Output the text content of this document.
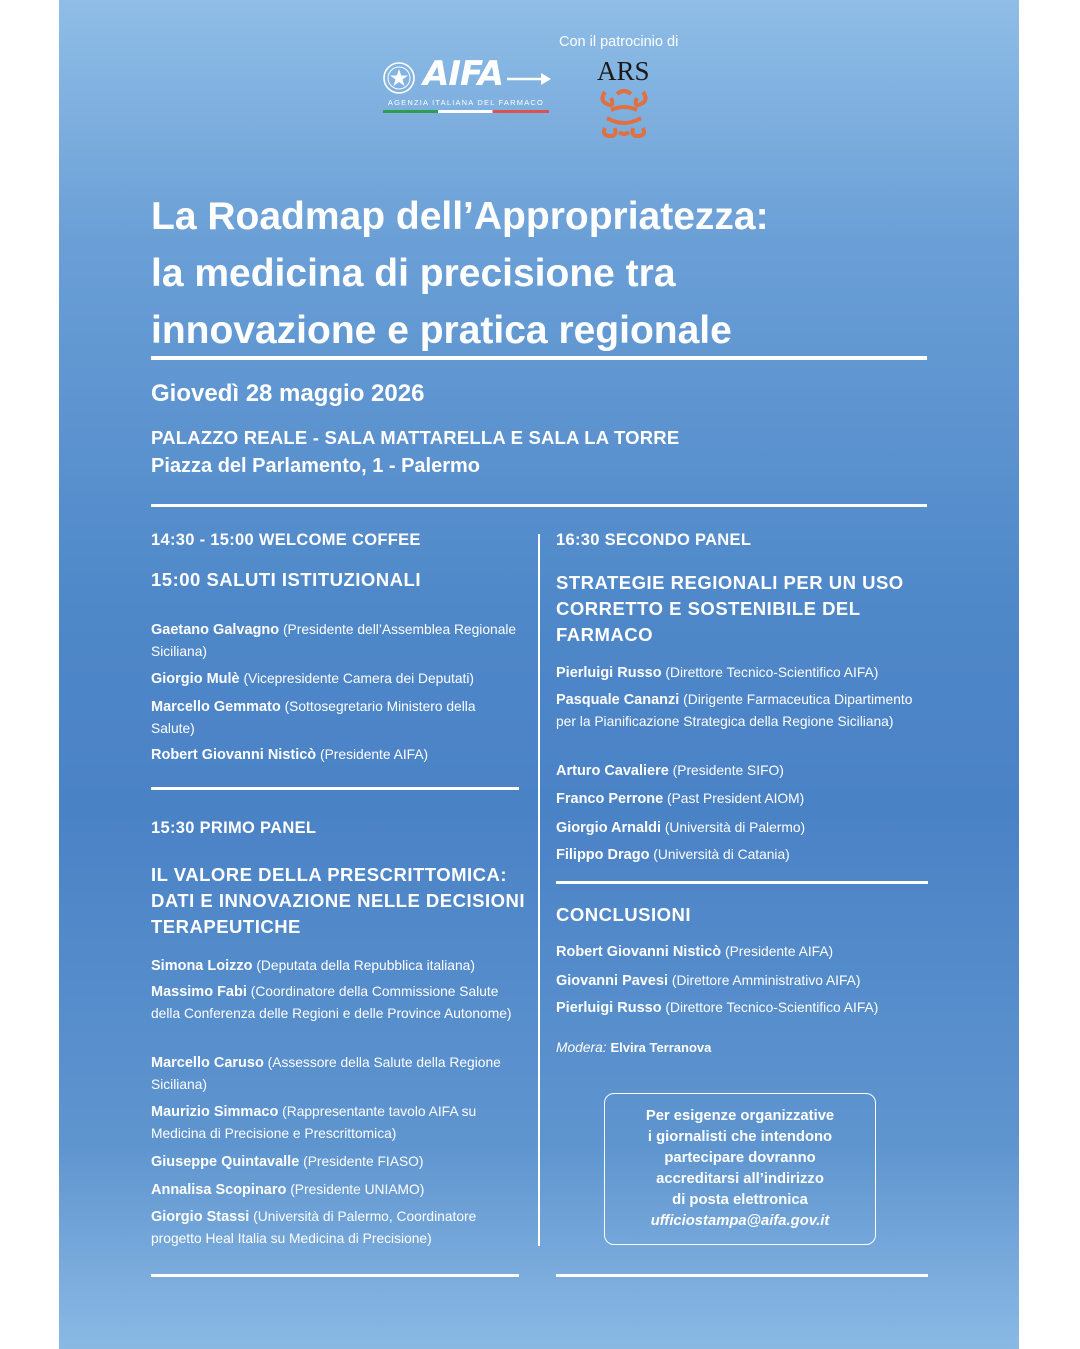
AIFA
AGENZIA ITALIANA DEL FARMACO
Con il patrocinio di
ARS
La Roadmap dell’Appropriatezza:
la medicina di precisione tra
innovazione e pratica regionale
Giovedì 28 maggio 2026
PALAZZO REALE - SALA MATTARELLA E SALA LA TORRE
Piazza del Parlamento, 1 - Palermo
14:30 - 15:00 WELCOME COFFEE
15:00 SALUTI ISTITUZIONALI
Gaetano Galvagno (Presidente dell’Assemblea Regionale Siciliana)
Giorgio Mulè (Vicepresidente Camera dei Deputati)
Marcello Gemmato (Sottosegretario Ministero della Salute)
Robert Giovanni Nisticò (Presidente AIFA)
15:30 PRIMO PANEL
IL VALORE DELLA PRESCRITTOMICA: DATI E INNOVAZIONE NELLE DECISIONI TERAPEUTICHE
Simona Loizzo (Deputata della Repubblica italiana)
Massimo Fabi (Coordinatore della Commissione Salute della Conferenza delle Regioni e delle Province Autonome)
Marcello Caruso (Assessore della Salute della Regione Siciliana)
Maurizio Simmaco (Rappresentante tavolo AIFA su Medicina di Precisione e Prescrittomica)
Giuseppe Quintavalle (Presidente FIASO)
Annalisa Scopinaro (Presidente UNIAMO)
Giorgio Stassi (Università di Palermo, Coordinatore progetto Heal Italia su Medicina di Precisione)
16:30 SECONDO PANEL
STRATEGIE REGIONALI PER UN USO CORRETTO E SOSTENIBILE DEL FARMACO
Pierluigi Russo (Direttore Tecnico-Scientifico AIFA)
Pasquale Cananzi (Dirigente Farmaceutica Dipartimento per la Pianificazione Strategica della Regione Siciliana)
Arturo Cavaliere (Presidente SIFO)
Franco Perrone (Past President AIOM)
Giorgio Arnaldi (Università di Palermo)
Filippo Drago (Università di Catania)
CONCLUSIONI
Robert Giovanni Nisticò (Presidente AIFA)
Giovanni Pavesi (Direttore Amministrativo AIFA)
Pierluigi Russo (Direttore Tecnico-Scientifico AIFA)
Modera: Elvira Terranova
Per esigenze organizzative
i giornalisti che intendono
partecipare dovranno
accreditarsi all’indirizzo
di posta elettronica
ufficiostampa@aifa.gov.it
